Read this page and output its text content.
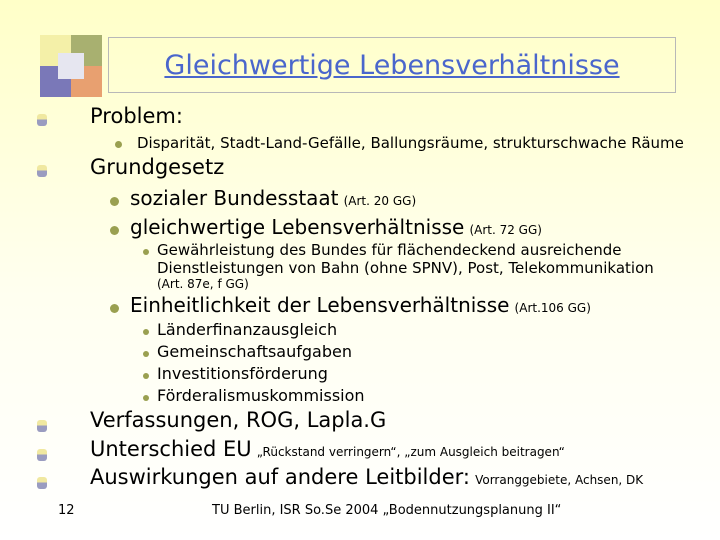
Gleichwertige Lebensverhältnisse
Problem:
Disparität, Stadt-Land-Gefälle, Ballungsräume, strukturschwache Räume
Grundgesetz
sozialer Bundesstaat (Art. 20 GG)
gleichwertige Lebensverhältnisse (Art. 72 GG)
Gewährleistung des Bundes für flächendeckend ausreichende
Dienstleistungen von Bahn (ohne SPNV), Post, Telekommunikation
(Art. 87e, f GG)
Einheitlichkeit der Lebensverhältnisse (Art.106 GG)
Länderfinanzausgleich
Gemeinschaftsaufgaben
Investitionsförderung
Förderalismuskommission
Verfassungen, ROG, Lapla.G
Unterschied EU „Rückstand verringern“, „zum Ausgleich beitragen“
Auswirkungen auf andere Leitbilder: Vorranggebiete, Achsen, DK
12	TU Berlin, ISR So.Se 2004 „Bodennutzungsplanung II“
